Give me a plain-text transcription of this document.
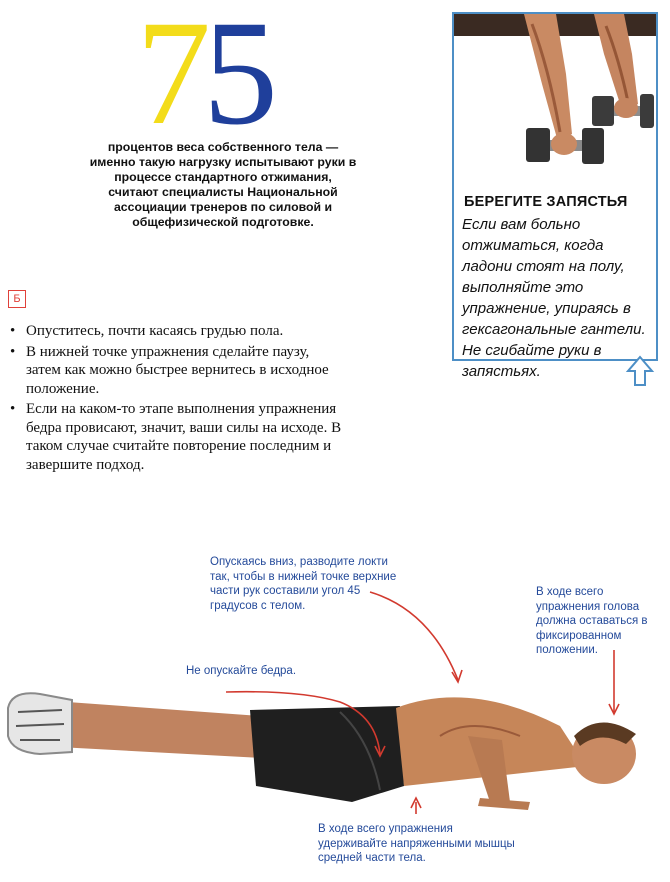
75
процентов веса собственного тела — именно такую нагрузку испытывают руки в процессе стандартного отжимания, считают специалисты Национальной ассоциации тренеров по силовой и общефизической подготовке.
БЕРЕГИТЕ ЗАПЯСТЬЯ
Если вам больно отжиматься, когда ладони стоят на полу, выполняйте это упражнение, упираясь в гексагональные гантели. Не сгибайте руки в запястьях.
Б
• Опуститесь, почти касаясь грудью пола.
• В нижней точке упражнения сделайте паузу, затем как можно быстрее вернитесь в исходное положение.
• Если на каком-то этапе выполнения упражнения бедра провисают, значит, ваши силы на исходе. В таком случае считайте повторение последним и завершите подход.
Опускаясь вниз, разводите локти так, чтобы в нижней точке верхние части рук составили угол 45 градусов с телом.
В ходе всего упражнения голова должна оставаться в фиксированном положении.
Не опускайте бедра.
В ходе всего упражнения удерживайте напряженными мышцы средней части тела.
